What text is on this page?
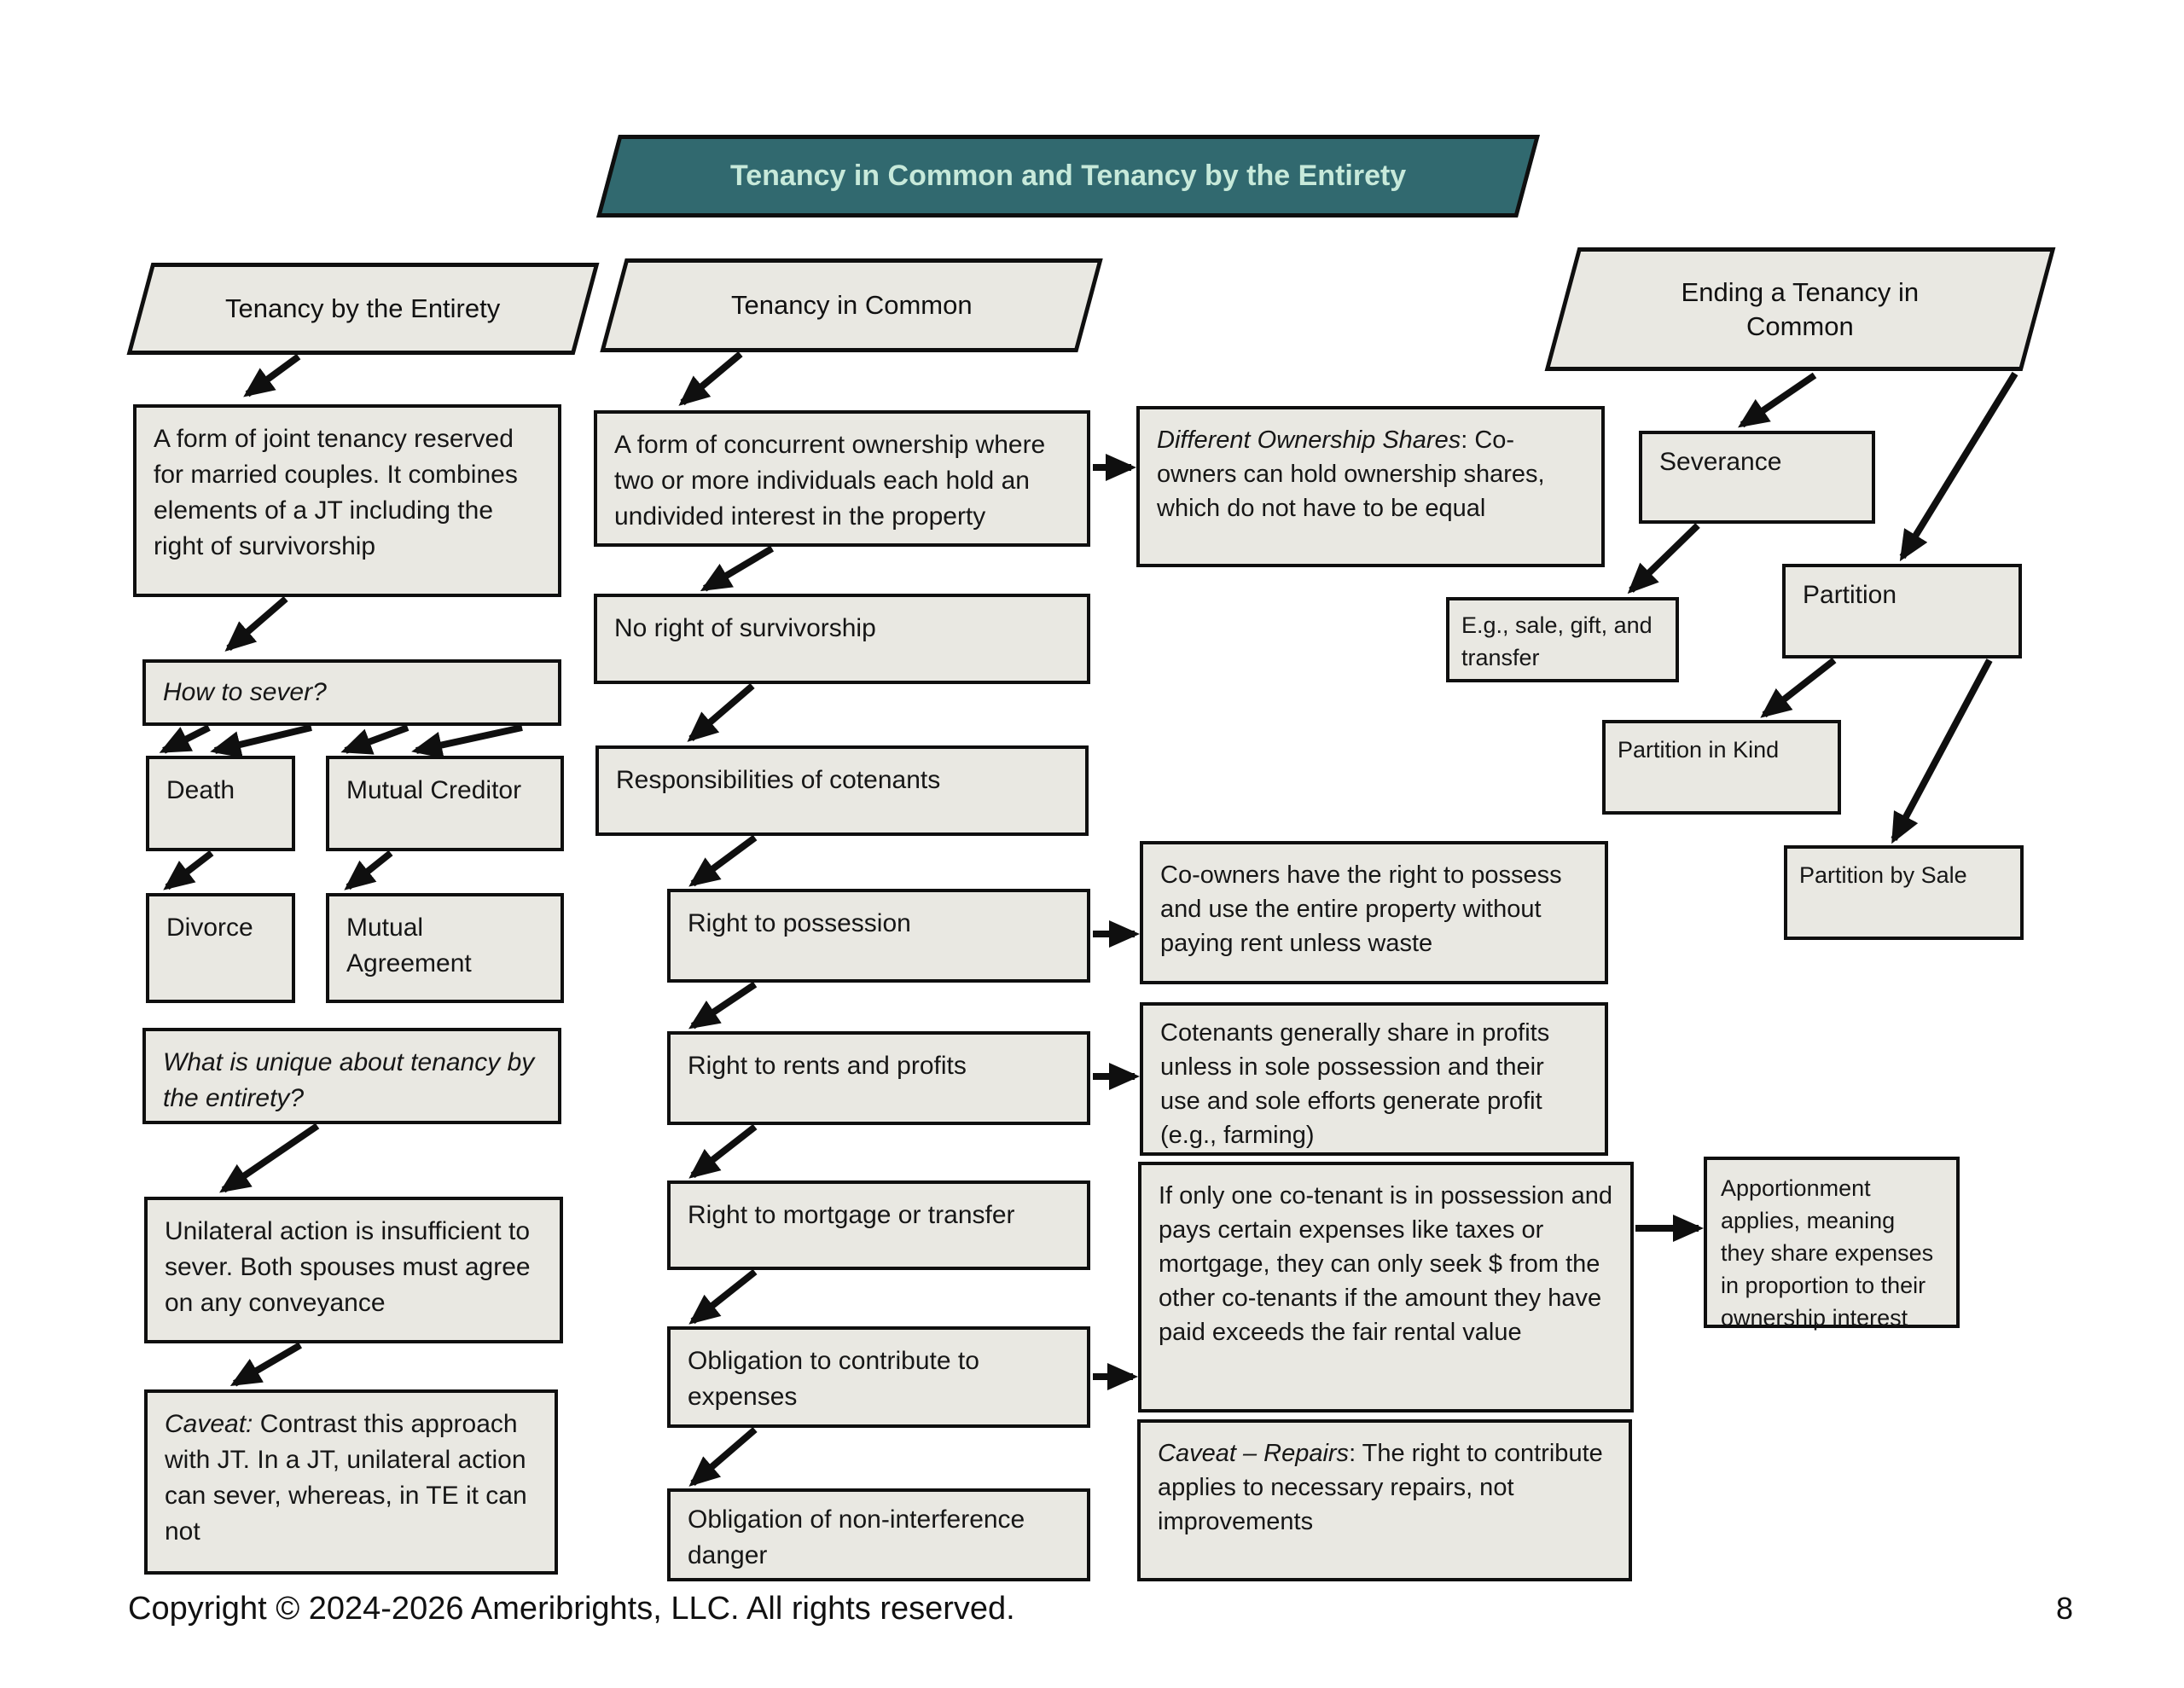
Tenancy in Common and Tenancy by the Entirety
Tenancy by the Entirety	Tenancy in Common	Ending a Tenancy in Common
A form of joint tenancy reserved for married couples. It combines elements of a JT including the right of survivorship
How to sever?
Death	Mutual Creditor
Divorce	Mutual Agreement
What is unique about tenancy by the entirety?
Unilateral action is insufficient to sever. Both spouses must agree on any conveyance
Caveat: Contrast this approach with JT. In a JT, unilateral action can sever, whereas, in TE it can not
A form of concurrent ownership where two or more individuals each hold an undivided interest in the property
No right of survivorship
Responsibilities of cotenants
Right to possession
Right to rents and profits
Right to mortgage or transfer
Obligation to contribute to expenses
Obligation of non-interference danger
Different Ownership Shares: Co-owners can hold ownership shares, which do not have to be equal
Co-owners have the right to possess and use the entire property without paying rent unless waste
Cotenants generally share in profits unless in sole possession and their use and sole efforts generate profit (e.g., farming)
If only one co-tenant is in possession and pays certain expenses like taxes or mortgage, they can only seek $ from the other co-tenants if the amount they have paid exceeds the fair rental value
Caveat – Repairs: The right to contribute applies to necessary repairs, not improvements
Apportionment applies, meaning they share expenses in proportion to their ownership interest
Severance
E.g., sale, gift, and transfer
Partition
Partition in Kind
Partition by Sale
Copyright © 2024-2026 Ameribrights, LLC. All rights reserved.	8
